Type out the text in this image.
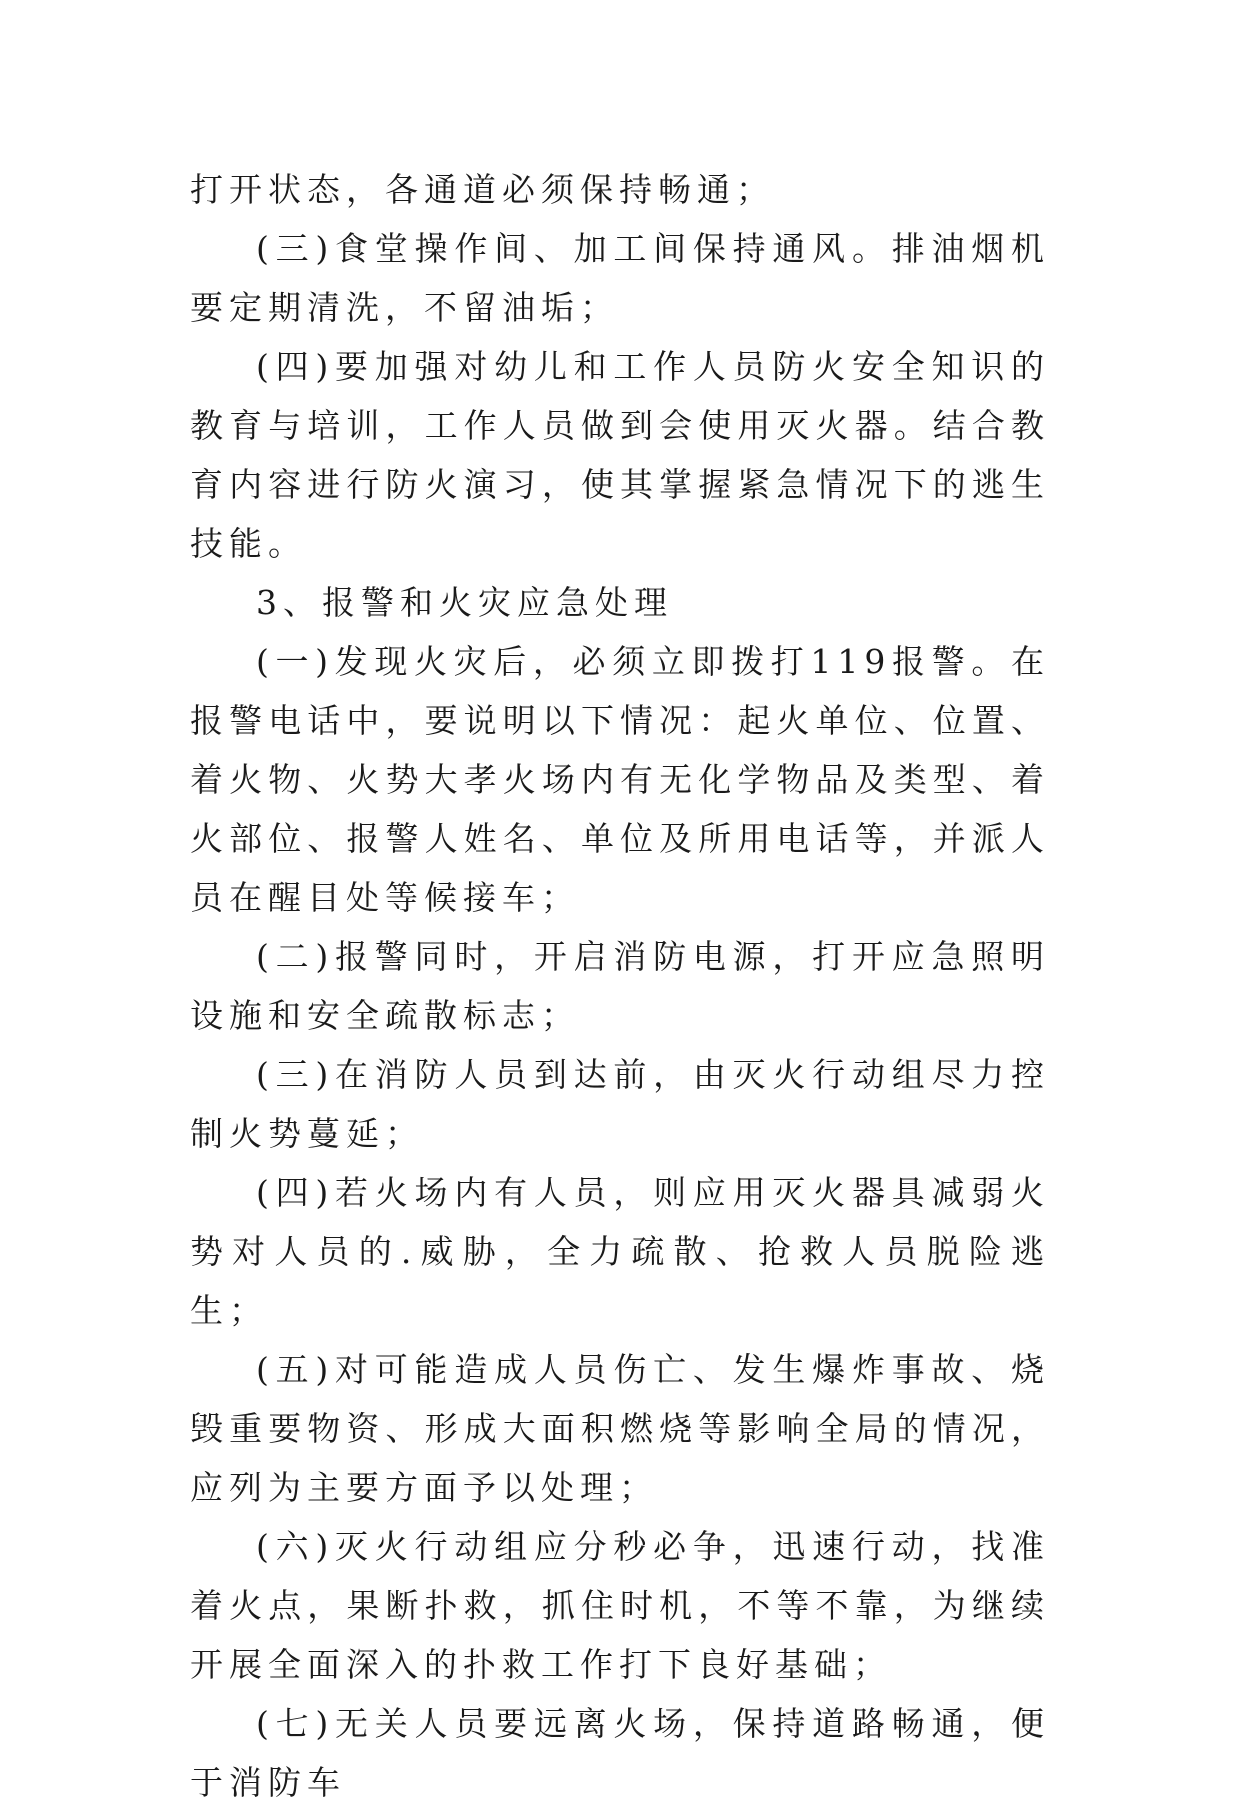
打开状态，各通道必须保持畅通；

(三)食堂操作间、加工间保持通风。排油烟机要定期清洗，不留油垢；

(四)要加强对幼儿和工作人员防火安全知识的教育与培训，工作人员做到会使用灭火器。结合教育内容进行防火演习，使其掌握紧急情况下的逃生技能。

3、报警和火灾应急处理

(一)发现火灾后，必须立即拨打119报警。在报警电话中，要说明以下情况：起火单位、位置、着火物、火势大孝火场内有无化学物品及类型、着火部位、报警人姓名、单位及所用电话等，并派人员在醒目处等候接车；

(二)报警同时，开启消防电源，打开应急照明设施和安全疏散标志；

(三)在消防人员到达前，由灭火行动组尽力控制火势蔓延；

(四)若火场内有人员，则应用灭火器具减弱火势对人员的.威胁，全力疏散、抢救人员脱险逃生；

(五)对可能造成人员伤亡、发生爆炸事故、烧毁重要物资、形成大面积燃烧等影响全局的情况，应列为主要方面予以处理；

(六)灭火行动组应分秒必争，迅速行动，找准着火点，果断扑救，抓住时机，不等不靠，为继续开展全面深入的扑救工作打下良好基础；

(七)无关人员要远离火场，保持道路畅通，便于消防车
